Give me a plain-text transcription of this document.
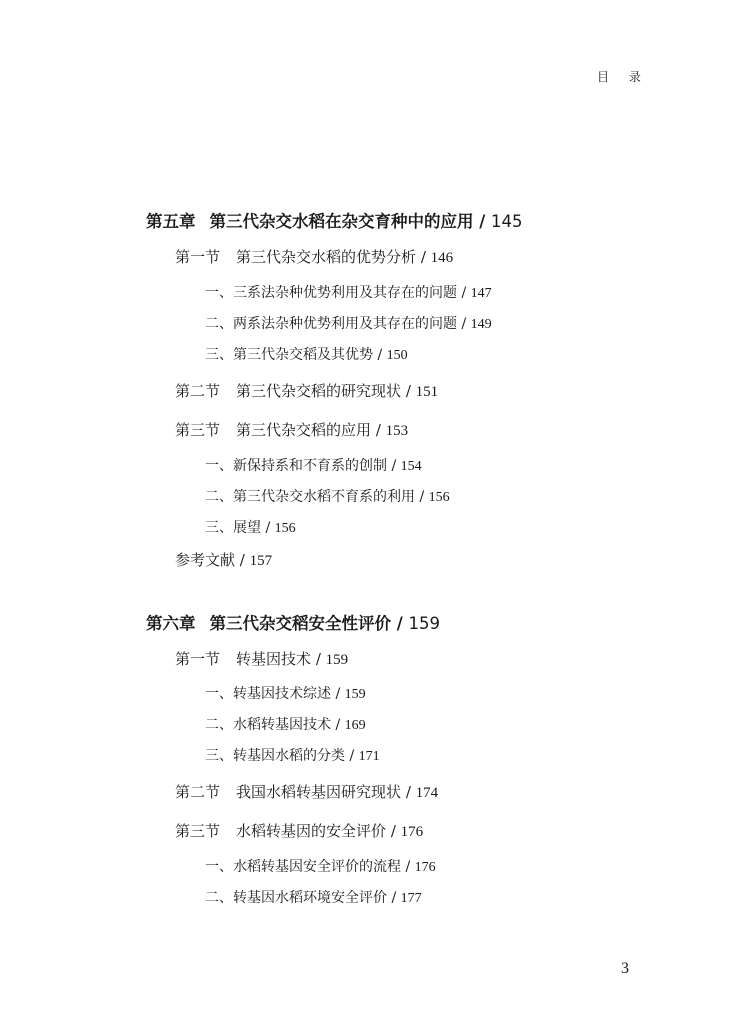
目 录
第五章 第三代杂交水稻在杂交育种中的应用 / 145
第一节 第三代杂交水稻的优势分析 / 146
一、三系法杂种优势利用及其存在的问题 / 147
二、两系法杂种优势利用及其存在的问题 / 149
三、第三代杂交稻及其优势 / 150
第二节 第三代杂交稻的研究现状 / 151
第三节 第三代杂交稻的应用 / 153
一、新保持系和不育系的创制 / 154
二、第三代杂交水稻不育系的利用 / 156
三、展望 / 156
参考文献 / 157
第六章 第三代杂交稻安全性评价 / 159
第一节 转基因技术 / 159
一、转基因技术综述 / 159
二、水稻转基因技术 / 169
三、转基因水稻的分类 / 171
第二节 我国水稻转基因研究现状 / 174
第三节 水稻转基因的安全评价 / 176
一、水稻转基因安全评价的流程 / 176
二、转基因水稻环境安全评价 / 177
3
